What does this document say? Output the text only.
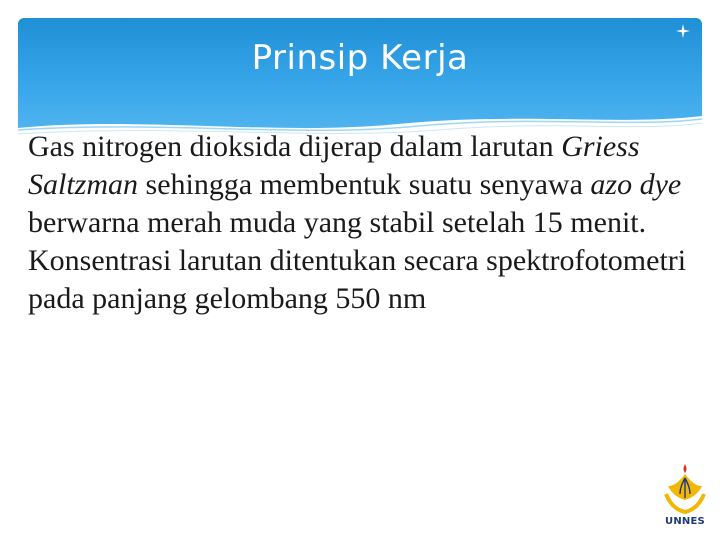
Prinsip Kerja
Gas nitrogen dioksida dijerap dalam larutan Griess Saltzman sehingga membentuk suatu senyawa azo dye berwarna merah muda yang stabil setelah 15 menit. Konsentrasi larutan ditentukan secara spektrofotometri pada panjang gelombang 550 nm
UNNES
